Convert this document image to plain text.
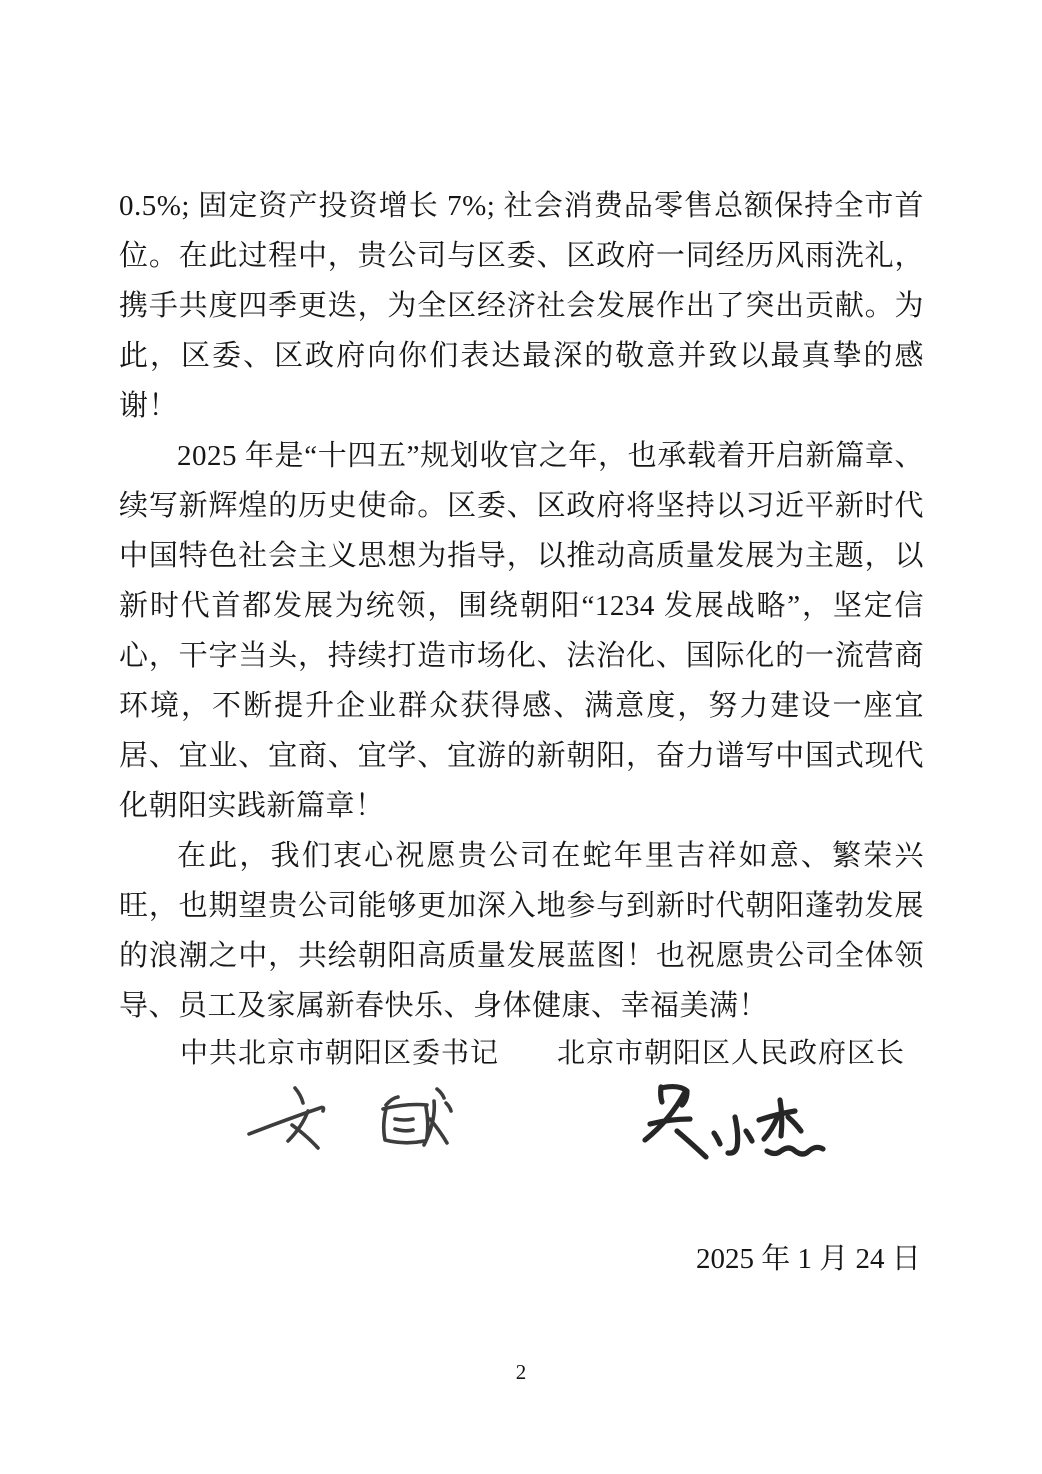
0.5%; 固定资产投资增长 7%; 社会消费品零售总额保持全市首位。在此过程中，贵公司与区委、区政府一同经历风雨洗礼，携手共度四季更迭，为全区经济社会发展作出了突出贡献。为此，区委、区政府向你们表达最深的敬意并致以最真挚的感谢！

2025 年是“十四五”规划收官之年，也承载着开启新篇章、续写新辉煌的历史使命。区委、区政府将坚持以习近平新时代中国特色社会主义思想为指导，以推动高质量发展为主题，以新时代首都发展为统领，围绕朝阳“1234 发展战略”，坚定信心，干字当头，持续打造市场化、法治化、国际化的一流营商环境，不断提升企业群众获得感、满意度，努力建设一座宜居、宜业、宜商、宜学、宜游的新朝阳，奋力谱写中国式现代化朝阳实践新篇章！

在此，我们衷心祝愿贵公司在蛇年里吉祥如意、繁荣兴旺，也期望贵公司能够更加深入地参与到新时代朝阳蓬勃发展的浪潮之中，共绘朝阳高质量发展蓝图！也祝愿贵公司全体领导、员工及家属新春快乐、身体健康、幸福美满！

中共北京市朝阳区委书记 北京市朝阳区人民政府区长
2025 年 1 月 24 日
2
